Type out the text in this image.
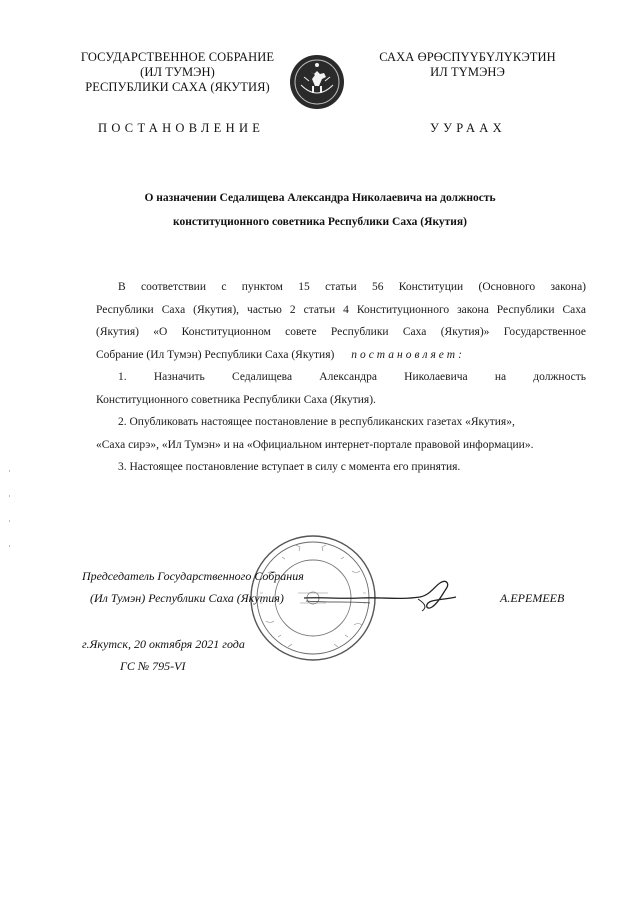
ГОСУДАРСТВЕННОЕ СОБРАНИЕ
(ИЛ ТУМЭН)
РЕСПУБЛИКИ САХА (ЯКУТИЯ)
САХА ӨРӨСПҮҮБҮЛҮКЭТИН
ИЛ ТҮМЭНЭ
ПОСТАНОВЛЕНИЕ	УУРААХ
О назначении Седалищева Александра Николаевича на должность
конституционного советника Республики Саха (Якутия)
В соответствии с пунктом 15 статьи 56 Конституции (Основного закона)
Республики Саха (Якутия), частью 2 статьи 4 Конституционного закона Республики Саха
(Якутия) «О Конституционном совете Республики Саха (Якутия)» Государственное
Собрание (Ил Тумэн) Республики Саха (Якутия) постановляет:
1. Назначить Седалищева Александра Николаевича на должность
Конституционного советника Республики Саха (Якутия).
2. Опубликовать настоящее постановление в республиканских газетах «Якутия»,
«Саха сирэ», «Ил Тумэн» и на «Официальном интернет-портале правовой информации».
3. Настоящее постановление вступает в силу с момента его принятия.
Председатель Государственного Собрания
(Ил Тумэн) Республики Саха (Якутия)	А.ЕРЕМЕЕВ
г.Якутск, 20 октября 2021 года
ГС № 795-VI
